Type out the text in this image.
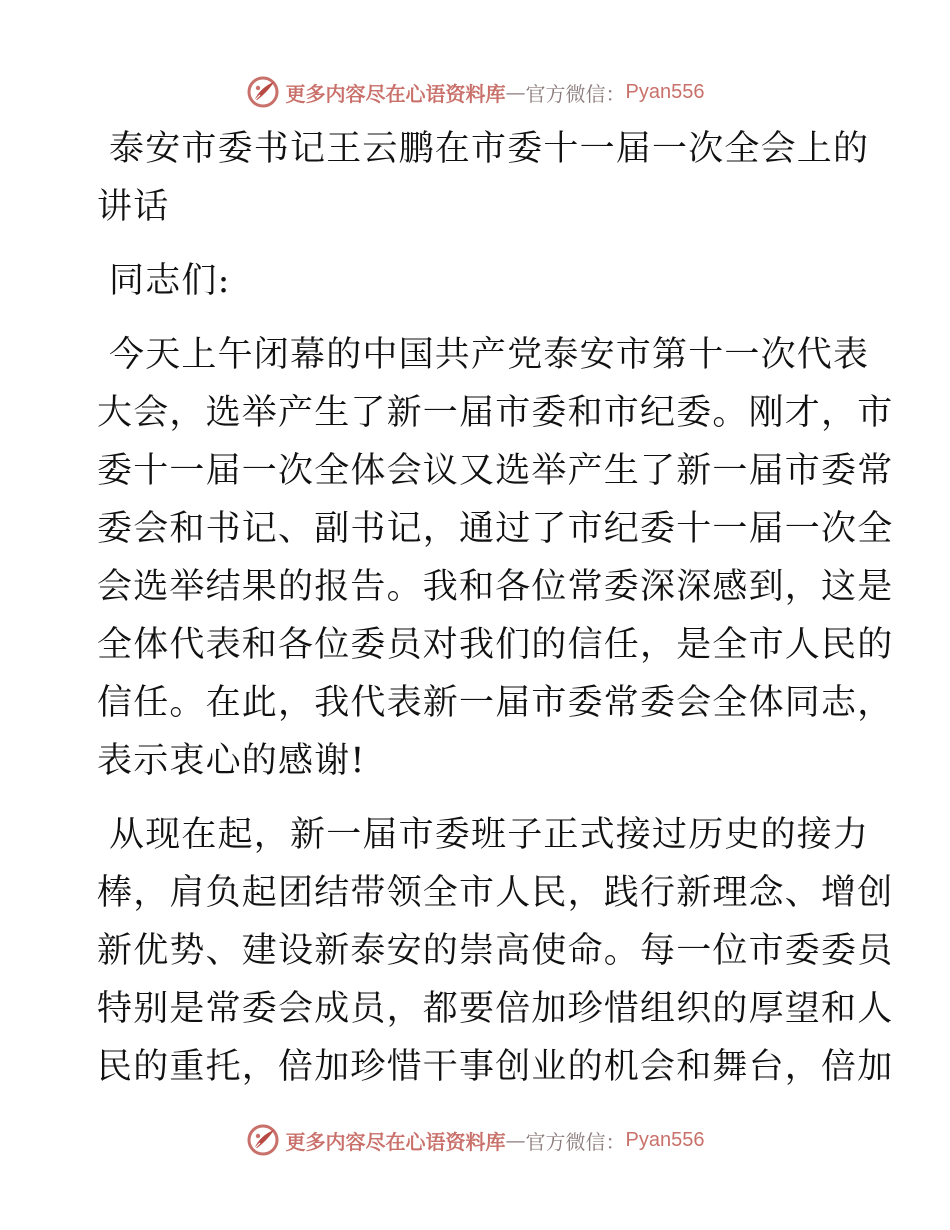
更多内容尽在心语资料库 — 官方微信： Pyan556
泰安市委书记王云鹏在市委十一届一次全会上的
讲话
同志们:
今天上午闭幕的中国共产党泰安市第十一次代表
大会，选举产生了新一届市委和市纪委。刚才，市
委十一届一次全体会议又选举产生了新一届市委常
委会和书记、副书记，通过了市纪委十一届一次全
会选举结果的报告。我和各位常委深深感到，这是
全体代表和各位委员对我们的信任，是全市人民的
信任。在此，我代表新一届市委常委会全体同志，
表示衷心的感谢!
从现在起，新一届市委班子正式接过历史的接力
棒，肩负起团结带领全市人民，践行新理念、增创
新优势、建设新泰安的崇高使命。每一位市委委员
特别是常委会成员，都要倍加珍惜组织的厚望和人
民的重托，倍加珍惜干事创业的机会和舞台，倍加
更多内容尽在心语资料库 — 官方微信： Pyan556
